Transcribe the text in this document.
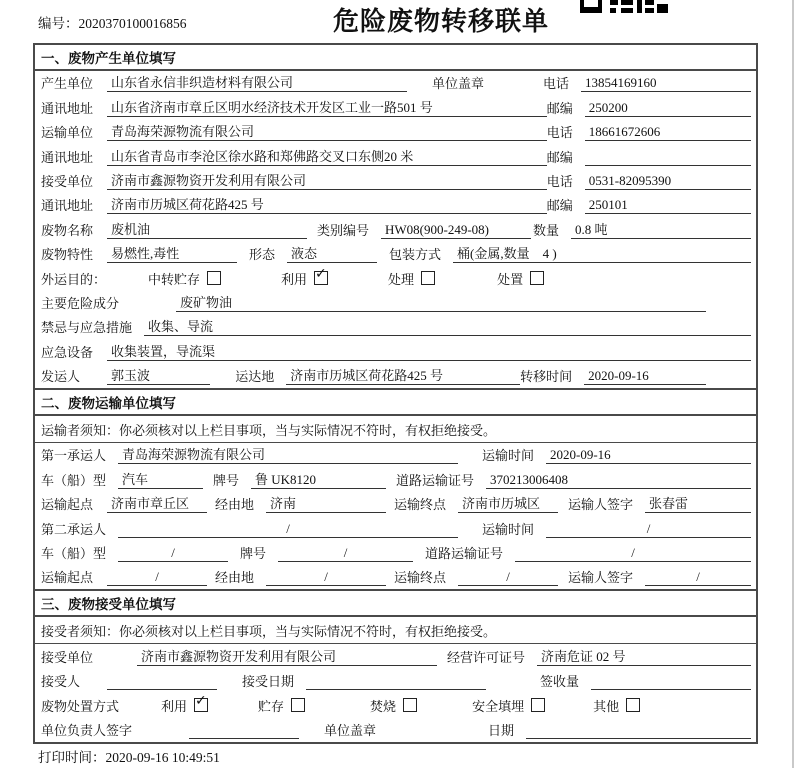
编号：2020370100016856	危险废物转移联单
一、废物产生单位填写
产生单位	山东省永信非织造材料有限公司	单位盖章	电话	13854169160
通讯地址	山东省济南市章丘区明水经济技术开发区工业一路501 号	邮编	250200
运输单位	青岛海荣源物流有限公司	电话	18661672606
通讯地址	山东省青岛市李沧区徐水路和郑佛路交叉口东侧20 米	邮编
接受单位	济南市鑫源物资开发利用有限公司	电话	0531-82095390
通讯地址	济南市历城区荷花路425 号	邮编	250101
废物名称	废机油	类别编号	HW08(900-249-08)	数量	0.8 吨
废物特性	易燃性,毒性	形态	液态	包装方式	桶(金属,数量　4 )
外运目的：	中转贮存	利用 ✓	处理	处置
主要危险成分	废矿物油
禁忌与应急措施	收集、导流
应急设备	收集装置，导流渠
发运人	郭玉波	运达地	济南市历城区荷花路425 号	转移时间	2020-09-16
二、废物运输单位填写
运输者须知：你必须核对以上栏目事项，当与实际情况不符时，有权拒绝接受。
第一承运人	青岛海荣源物流有限公司	运输时间	2020-09-16
车（船）型	汽车	牌号	鲁 UK8120	道路运输证号	370213006408
运输起点	济南市章丘区	经由地	济南	运输终点	济南市历城区	运输人签字	张春雷
第二承运人	/	运输时间	/
车（船）型	/	牌号	/	道路运输证号	/
运输起点	/	经由地	/	运输终点	/	运输人签字	/
三、废物接受单位填写
接受者须知：你必须核对以上栏目事项，当与实际情况不符时，有权拒绝接受。
接受单位	济南市鑫源物资开发利用有限公司	经营许可证号	济南危证 02 号
接受人	接受日期	签收量
废物处置方式	利用 ✓	贮存	焚烧	安全填埋	其他
单位负责人签字	单位盖章	日期
打印时间：2020-09-16 10:49:51
